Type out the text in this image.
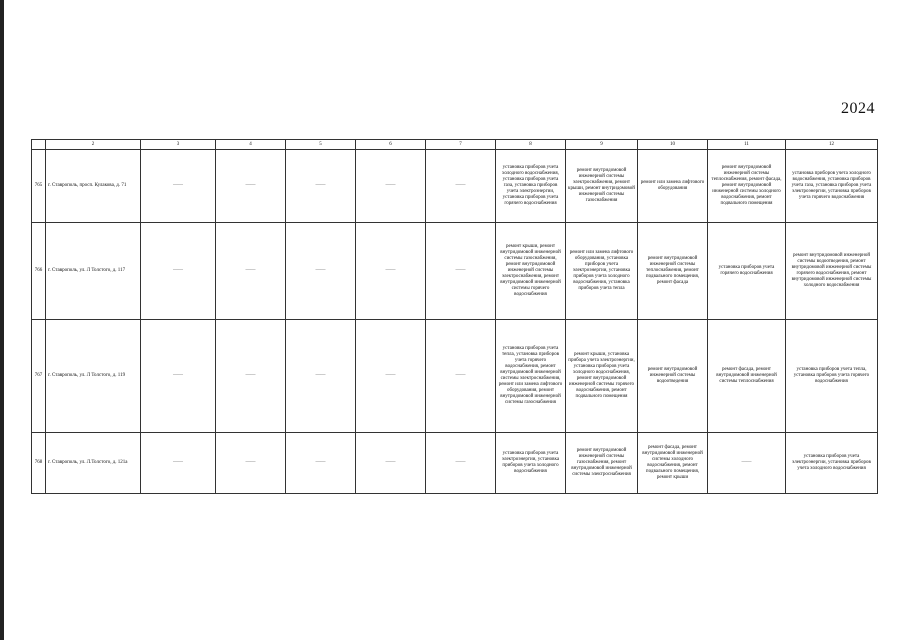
2024
	2	3	4	5	6	7	8	9	10	11	12
765	г. Ставрополь, просп. Кулакова, д. 71	——	——	——	——	——	установка приборов учета холодного водоснабжения, установка приборов учета газа, установка приборов учета электроэнергии, установка приборов учета горячего водоснабжения	ремонт внутридомовой инженерной системы электроснабжения, ремонт крыши, ремонт внутридомовой инженерной системы газоснабжения	ремонт или замена лифтового оборудования	ремонт внутридомовой инженерной системы теплоснабжения, ремонт фасада, ремонт внутридомовой инженерной системы холодного водоснабжения, ремонт подвального помещения	установка приборов учета холодного водоснабжения, установка приборов учета газа, установка приборов учета электроэнергии, установка приборов учета горячего водоснабжения
766	г. Ставрополь, ул. Л Толстого, д. 117	——	——	——	——	——	ремонт крыши, ремонт внутридомовой инженерной системы газоснабжения, ремонт внутридомовой инженерной системы электроснабжения, ремонт внутридомовой инженерной системы горячего водоснабжения	ремонт или замена лифтового оборудования, установка приборов учета электроэнергии, установка приборов учета холодного водоснабжения, установка приборов учета тепла	ремонт внутридомовой инженерной системы теплоснабжения, ремонт подвального помещения, ремонт фасада	установка приборов учета горячего водоснабжения	ремонт внутридомовой инженерной системы водоотведения, ремонт внутридомовой инженерной системы горячего водоснабжения, ремонт внутридомовой инженерной системы холодного водоснабжения
767	г. Ставрополь, ул. Л Толстого, д. 119	——	——	——	——	——	установка приборов учета тепла, установка приборов учета горячего водоснабжения, ремонт внутридомовой инженерной системы электроснабжения, ремонт или замена лифтового оборудования, ремонт внутридомовой инженерной системы газоснабжения	ремонт крыши, установка прибора учета электроэнергии, установка приборов учета холодного водоснабжения, ремонт внутридомовой инженерной системы горячего водоснабжения, ремонт подвального помещения	ремонт внутридомовой инженерной системы водоотведения	ремонт фасада, ремонт внутридомовой инженерной системы теплоснабжения	установка приборов учета тепла, установка приборов учета горячего водоснабжения
768	г. Ставрополь, ул. Л.Толстого, д. 121а	——	——	——	——	——	установка приборов учета электроэнергии, установка приборов учета холодного водоснабжения	ремонт внутридомовой инженерной системы газоснабжения, ремонт внутридомовой инженерной системы электроснабжения	ремонт фасада, ремонт внутридомовой инженерной системы холодного водоснабжения, ремонт подвального помещения, ремонт крыши	——	установка приборов учета электроэнергии, установка приборов учета холодного водоснабжения
